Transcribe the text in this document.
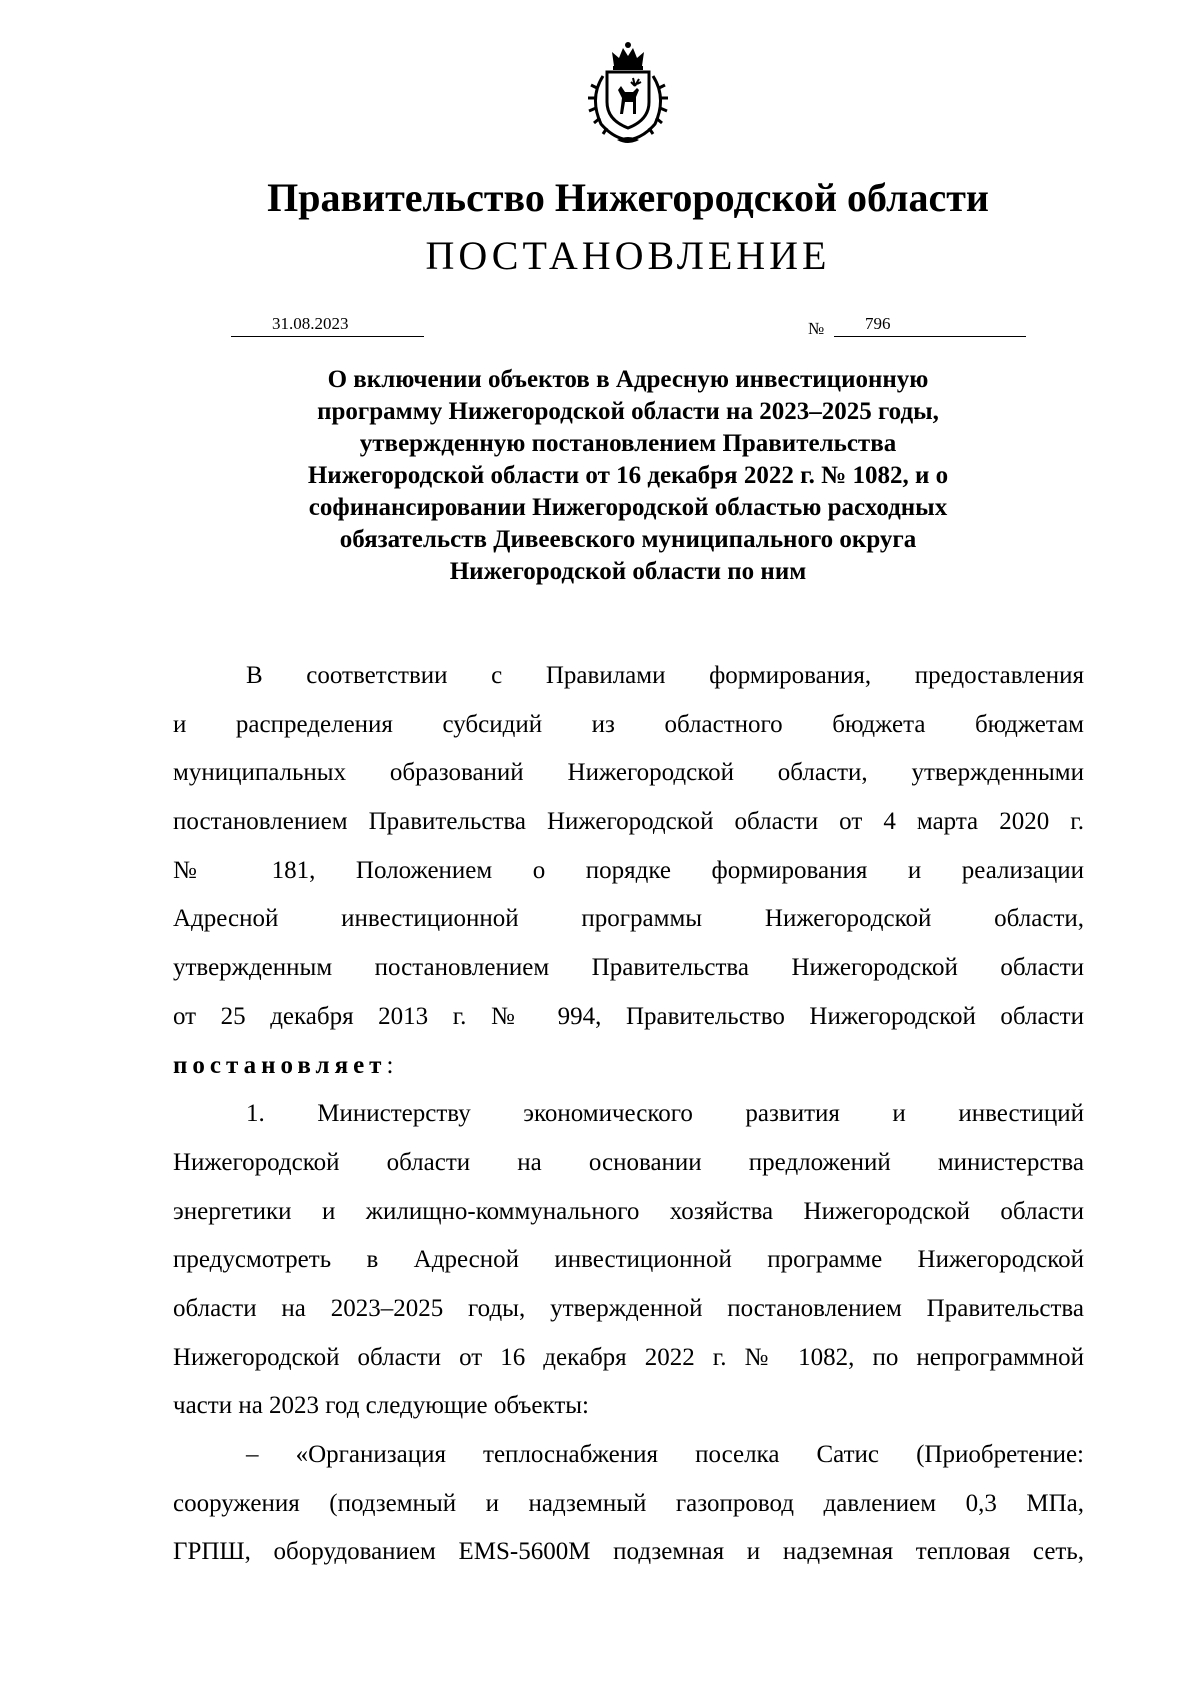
Правительство Нижегородской области
ПОСТАНОВЛЕНИЕ
31.08.2023	№ 796
О включении объектов в Адресную инвестиционную
программу Нижегородской области на 2023–2025 годы,
утвержденную постановлением Правительства
Нижегородской области от 16 декабря 2022 г. № 1082, и о
софинансировании Нижегородской областью расходных
обязательств Дивеевского муниципального округа
Нижегородской области по ним
В соответствии с Правилами формирования, предоставления
и распределения субсидий из областного бюджета бюджетам
муниципальных образований Нижегородской области, утвержденными
постановлением Правительства Нижегородской области от 4 марта 2020 г.
№ 181, Положением о порядке формирования и реализации
Адресной инвестиционной программы Нижегородской области,
утвержденным постановлением Правительства Нижегородской области
от 25 декабря 2013 г. № 994, Правительство Нижегородской области
постановляет:
1. Министерству экономического развития и инвестиций
Нижегородской области на основании предложений министерства
энергетики и жилищно-коммунального хозяйства Нижегородской области
предусмотреть в Адресной инвестиционной программе Нижегородской
области на 2023–2025 годы, утвержденной постановлением Правительства
Нижегородской области от 16 декабря 2022 г. № 1082, по непрограммной
части на 2023 год следующие объекты:
– «Организация теплоснабжения поселка Сатис (Приобретение:
сооружения (подземный и надземный газопровод давлением 0,3 МПа,
ГРПШ, оборудованием EMS-5600М подземная и надземная тепловая сеть,
